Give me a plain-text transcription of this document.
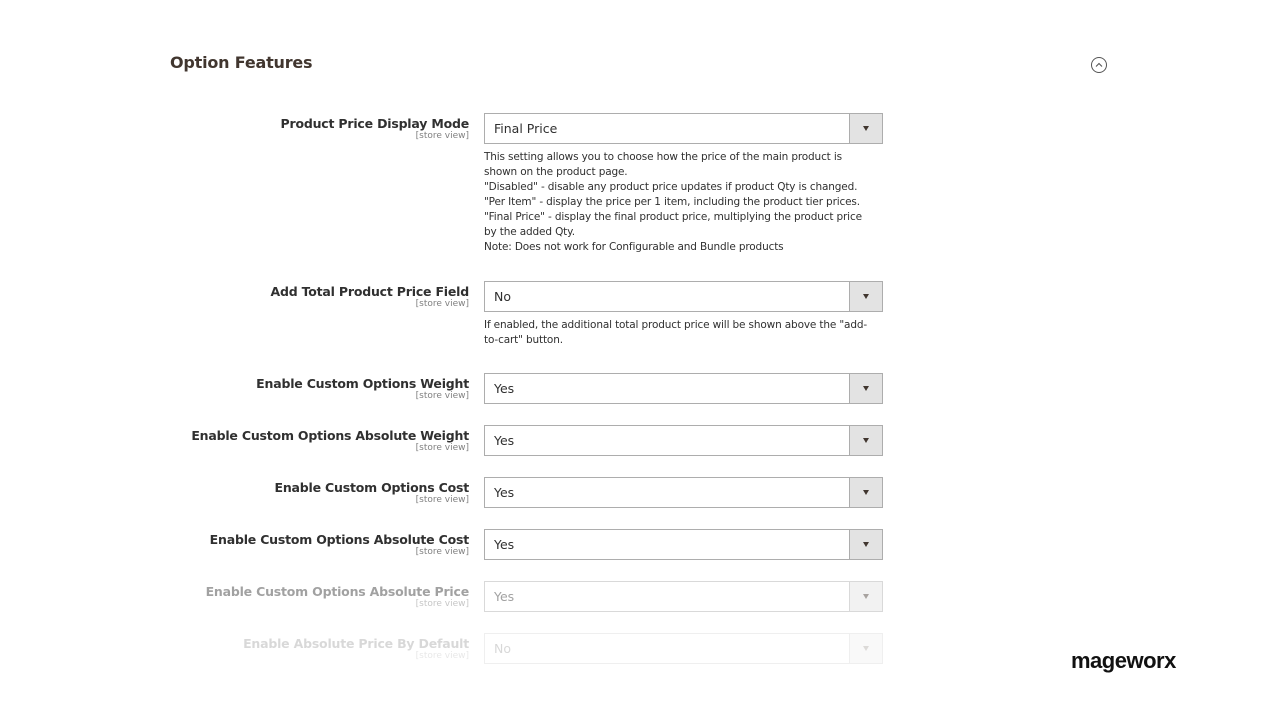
Option Features
Product Price Display Mode
[store view] Final Price
This setting allows you to choose how the price of the main product is
shown on the product page.
"Disabled" - disable any product price updates if product Qty is changed.
"Per Item" - display the price per 1 item, including the product tier prices.
"Final Price" - display the final product price, multiplying the product price
by the added Qty.
Note: Does not work for Configurable and Bundle products
Add Total Product Price Field
[store view] No
If enabled, the additional total product price will be shown above the "add-
to-cart" button.
Enable Custom Options Weight
[store view] Yes
Enable Custom Options Absolute Weight
[store view] Yes
Enable Custom Options Cost
[store view] Yes
Enable Custom Options Absolute Cost
[store view] Yes
Enable Custom Options Absolute Price
[store view] Yes
Enable Absolute Price By Default
[store view] No	mageworx
